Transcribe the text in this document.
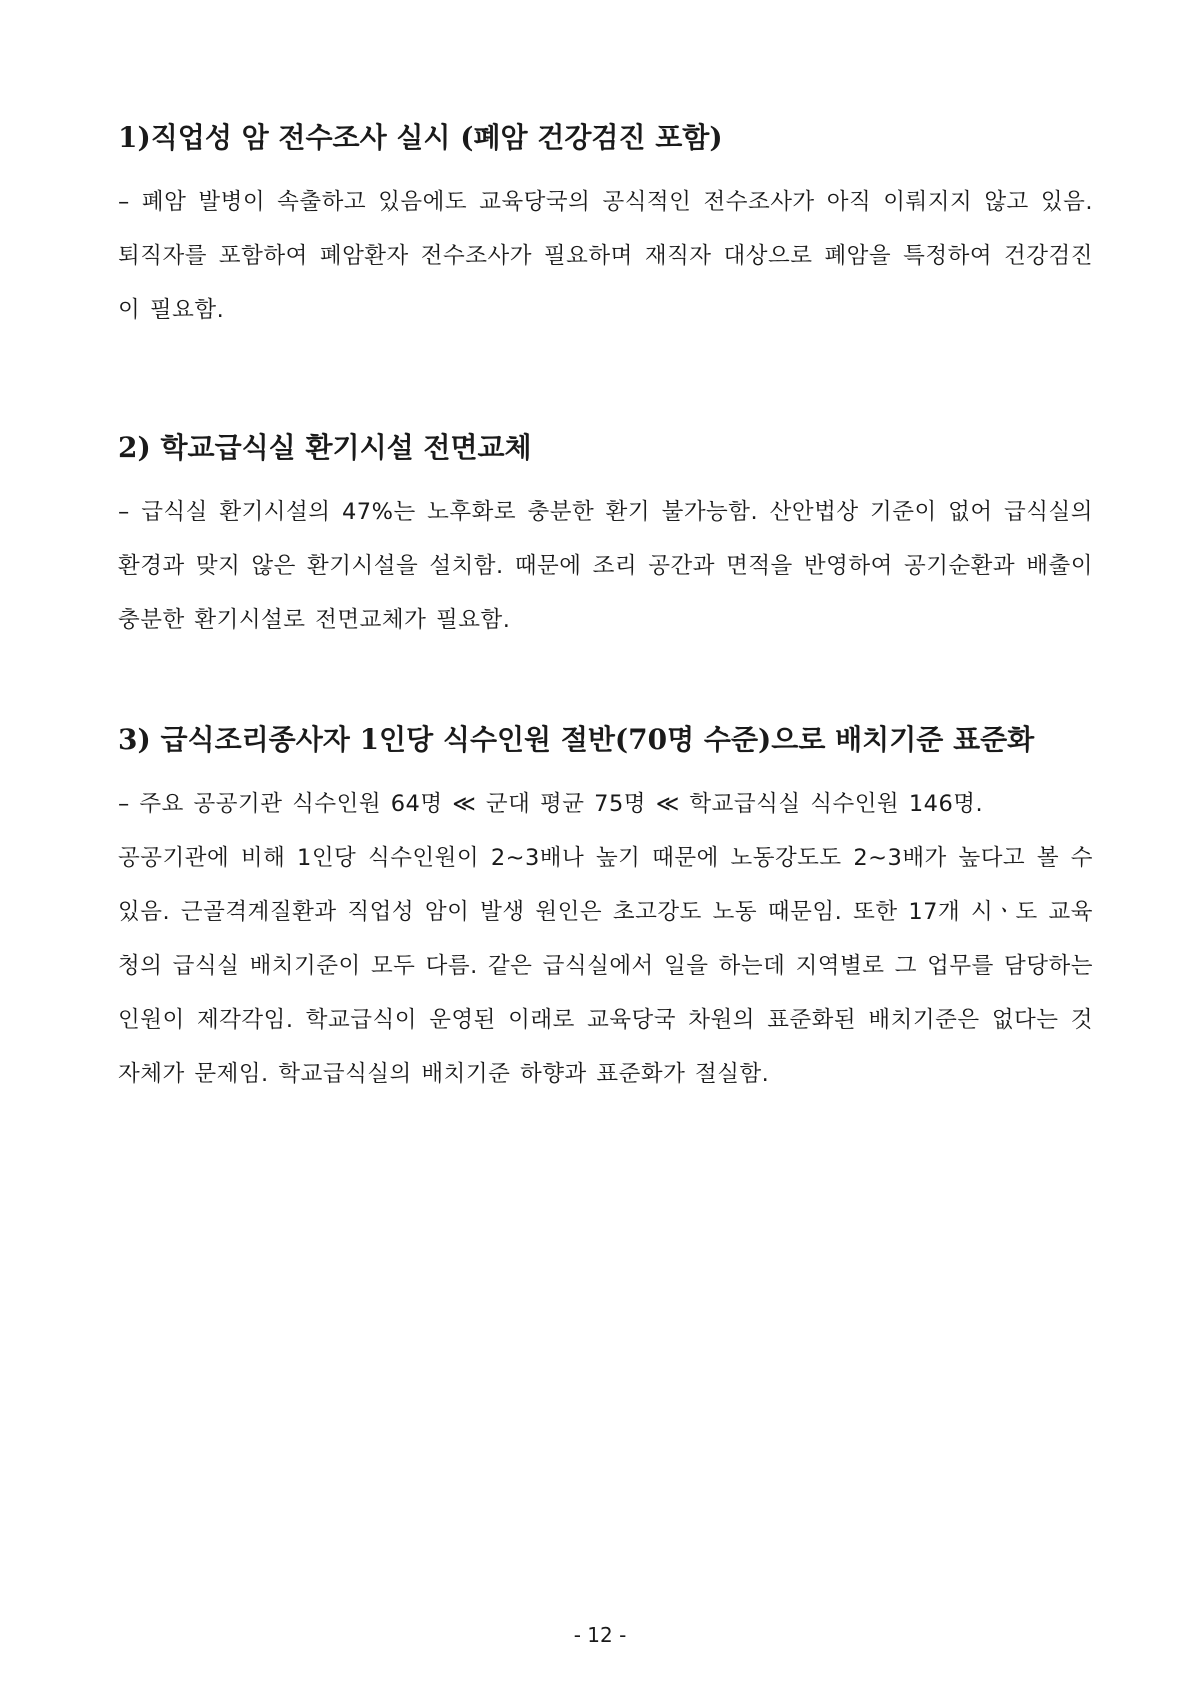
1)직업성 암 전수조사 실시 (폐암 건강검진 포함)

– 폐암 발병이 속출하고 있음에도 교육당국의 공식적인 전수조사가 아직 이뤄지지 않고 있음. 퇴직자를 포함하여 폐암환자 전수조사가 필요하며 재직자 대상으로 폐암을 특정하여 건강검진이 필요함.

2) 학교급식실 환기시설 전면교체

– 급식실 환기시설의 47%는 노후화로 충분한 환기 불가능함. 산안법상 기준이 없어 급식실의 환경과 맞지 않은 환기시설을 설치함. 때문에 조리 공간과 면적을 반영하여 공기순환과 배출이 충분한 환기시설로 전면교체가 필요함.

3) 급식조리종사자 1인당 식수인원 절반(70명 수준)으로 배치기준 표준화

– 주요 공공기관 식수인원 64명 ≪ 군대 평균 75명 ≪ 학교급식실 식수인원 146명.

공공기관에 비해 1인당 식수인원이 2~3배나 높기 때문에 노동강도도 2~3배가 높다고 볼 수 있음. 근골격계질환과 직업성 암이 발생 원인은 초고강도 노동 때문임. 또한 17개 시ㆍ도 교육청의 급식실 배치기준이 모두 다름. 같은 급식실에서 일을 하는데 지역별로 그 업무를 담당하는 인원이 제각각임. 학교급식이 운영된 이래로 교육당국 차원의 표준화된 배치기준은 없다는 것 자체가 문제임. 학교급식실의 배치기준 하향과 표준화가 절실함.

- 12 -
